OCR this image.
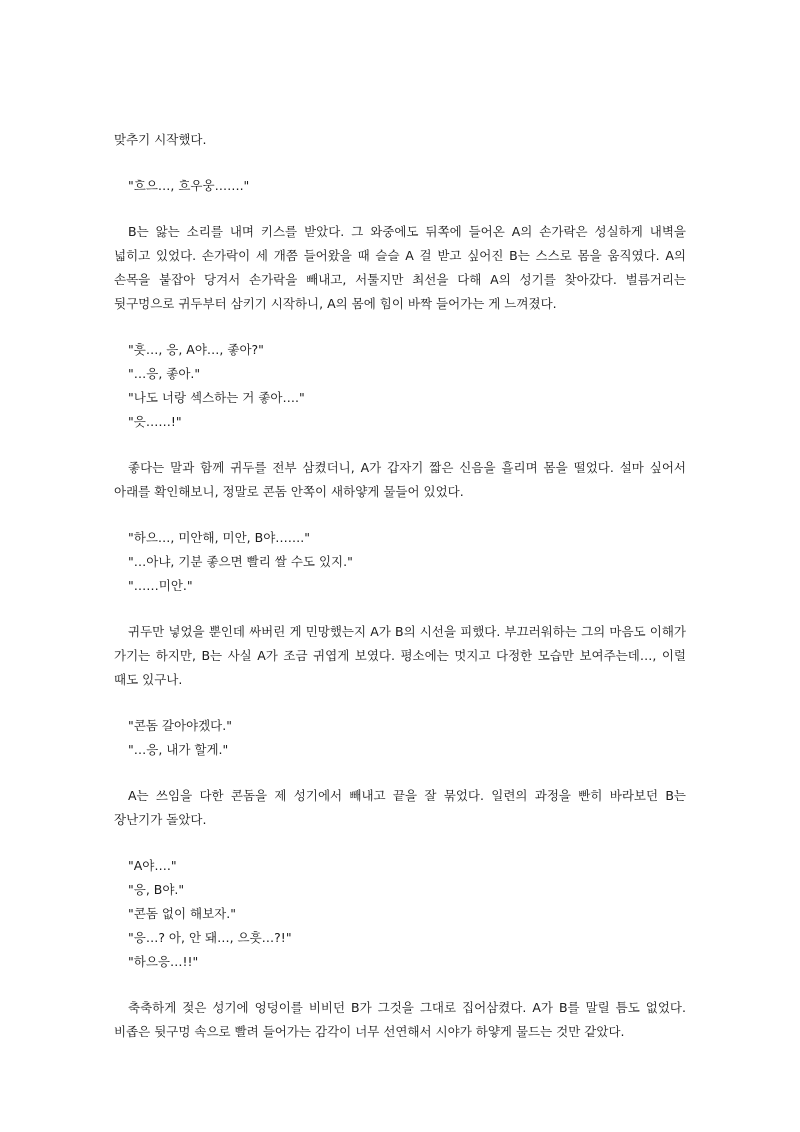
맞추기 시작했다.

"흐으…, 흐우웅……."

B는 앓는 소리를 내며 키스를 받았다. 그 와중에도 뒤쪽에 들어온 A의 손가락은 성실하게 내벽을 넓히고 있었다. 손가락이 세 개쯤 들어왔을 때 슬슬 A 걸 받고 싶어진 B는 스스로 몸을 움직였다. A의 손목을 붙잡아 당겨서 손가락을 빼내고, 서툴지만 최선을 다해 A의 성기를 찾아갔다. 벌름거리는 뒷구멍으로 귀두부터 삼키기 시작하니, A의 몸에 힘이 바짝 들어가는 게 느껴졌다.

"흣…, 응, A야…, 좋아?"

"…응, 좋아."

"나도 너랑 섹스하는 거 좋아…."

"읏……!"

좋다는 말과 함께 귀두를 전부 삼켰더니, A가 갑자기 짧은 신음을 흘리며 몸을 떨었다. 설마 싶어서 아래를 확인해보니, 정말로 콘돔 안쪽이 새하얗게 물들어 있었다.

"하으…, 미안해, 미안, B야……."

"…아냐, 기분 좋으면 빨리 쌀 수도 있지."

"……미안."

귀두만 넣었을 뿐인데 싸버린 게 민망했는지 A가 B의 시선을 피했다. 부끄러워하는 그의 마음도 이해가 가기는 하지만, B는 사실 A가 조금 귀엽게 보였다. 평소에는 멋지고 다정한 모습만 보여주는데…, 이럴 때도 있구나.

"콘돔 갈아야겠다."

"…응, 내가 할게."

A는 쓰임을 다한 콘돔을 제 성기에서 빼내고 끝을 잘 묶었다. 일련의 과정을 빤히 바라보던 B는 장난기가 돌았다.

"A야…."

"응, B야."

"콘돔 없이 해보자."

"응…? 아, 안 돼…, 으흣…?!"

"하으응…!!"

축축하게 젖은 성기에 엉덩이를 비비던 B가 그것을 그대로 집어삼켰다. A가 B를 말릴 틈도 없었다. 비좁은 뒷구멍 속으로 빨려 들어가는 감각이 너무 선연해서 시야가 하얗게 물드는 것만 같았다.
